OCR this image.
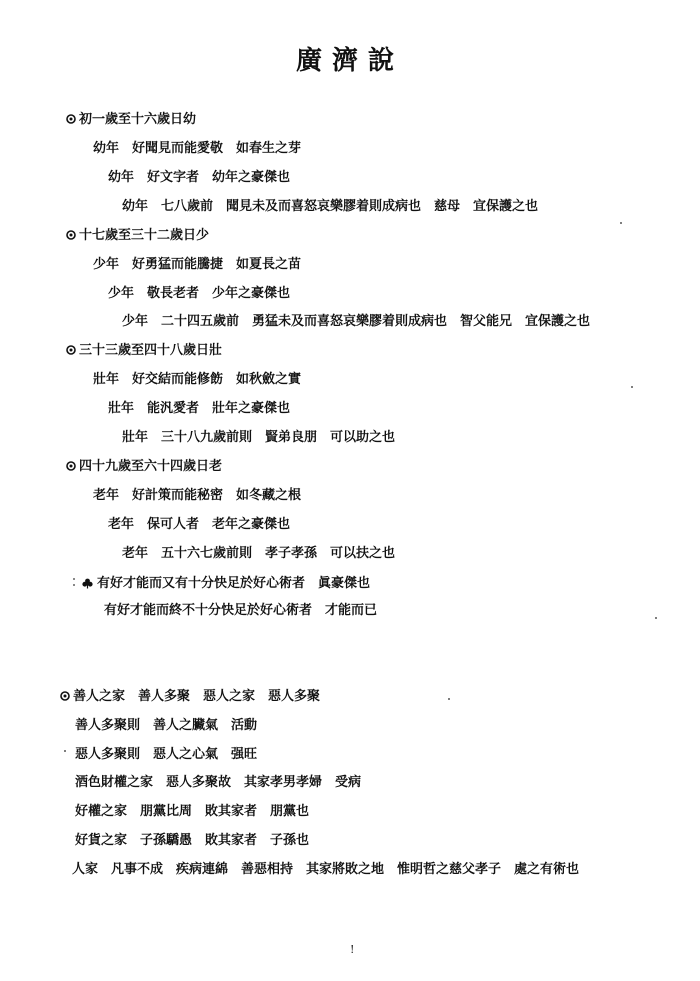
廣濟說
初一歲至十六歲日幼
幼年　好聞見而能愛敬　如春生之芽
幼年　好文字者　幼年之豪傑也
幼年　七八歲前　聞見未及而喜怒哀樂膠着則成病也　慈母　宜保護之也
十七歲至三十二歲日少
少年　好勇猛而能騰捷　如夏長之苗
少年　敬長老者　少年之豪傑也
少年　二十四五歲前　勇猛未及而喜怒哀樂膠着則成病也　智父能兄　宜保護之也
三十三歲至四十八歲日壯
壯年　好交結而能修飭　如秋斂之實
壯年　能汎愛者　壯年之豪傑也
壯年　三十八九歲前則　賢弟良朋　可以助之也
四十九歲至六十四歲日老
老年　好計策而能秘密　如冬藏之根
老年　保可人者　老年之豪傑也
老年　五十六七歲前則　孝子孝孫　可以扶之也
有好才能而又有十分快足於好心術者　眞豪傑也
有好才能而終不十分快足於好心術者　才能而已
善人之家　善人多聚　惡人之家　惡人多聚
善人多聚則　善人之臟氣　活動
惡人多聚則　惡人之心氣　强旺
酒色財權之家　惡人多聚故　其家孝男孝婦　受病
好權之家　朋黨比周　敗其家者　朋黨也
好貨之家　子孫驕愚　敗其家者　子孫也
人家　凡事不成　疾病連綿　善惡相持　其家將敗之地　惟明哲之慈父孝子　處之有術也
!
